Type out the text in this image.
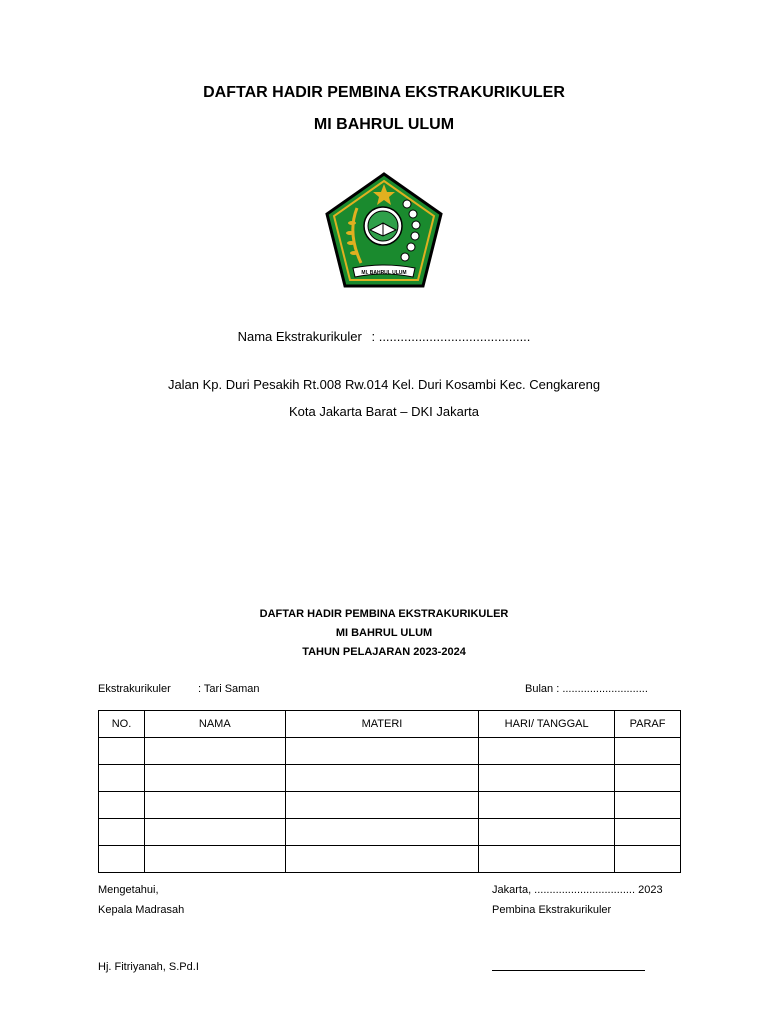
DAFTAR HADIR PEMBINA EKSTRAKURIKULER
MI BAHRUL ULUM
MI. BAHRUL ULUM
Nama Ekstrakurikuler : ..........................................
Jalan Kp. Duri Pesakih Rt.008 Rw.014 Kel. Duri Kosambi Kec. Cengkareng
Kota Jakarta Barat – DKI Jakarta
DAFTAR HADIR PEMBINA EKSTRAKURIKULER
MI BAHRUL ULUM
TAHUN PELAJARAN 2023-2024
Ekstrakurikuler : Tari Saman	Bulan : ............................
NO.	NAMA	MATERI	HARI/ TANGGAL	PARAF

Mengetahui,
Kepala Madrasah
Hj. Fitriyanah, S.Pd.I
Jakarta, ................................. 2023
Pembina Ekstrakurikuler
